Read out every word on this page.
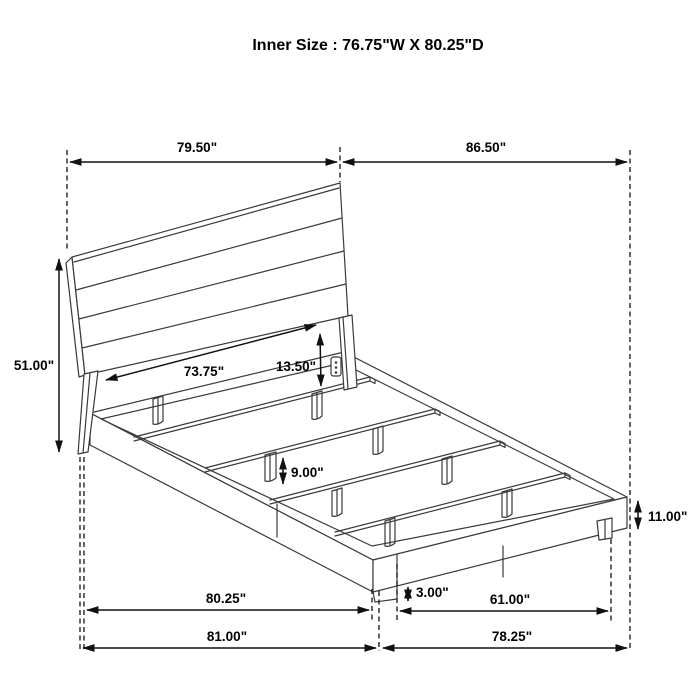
79.50"	86.50"
51.00"	73.75"	13.50"
9.00"
11.00"
80.25"	3.00"	61.00"
81.00"	78.25"
Inner Size : 76.75"W X 80.25"D
